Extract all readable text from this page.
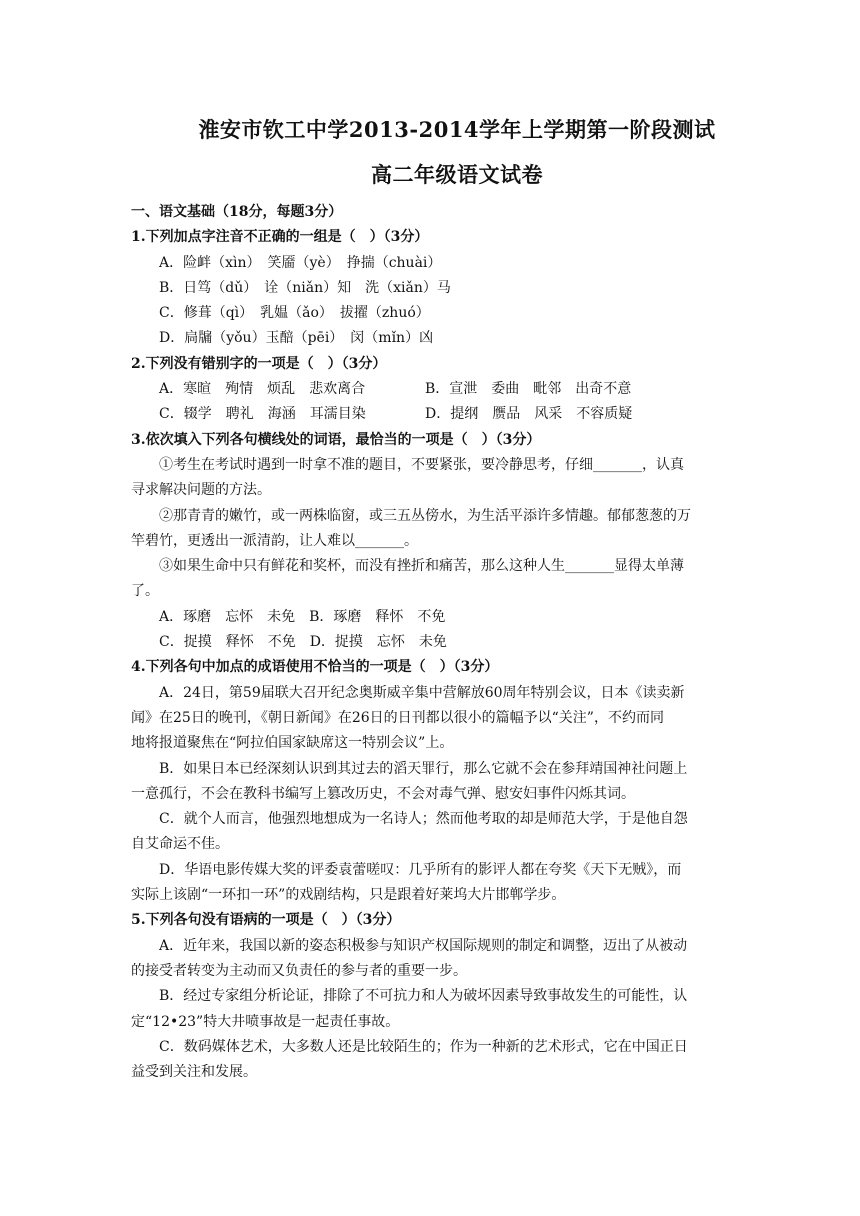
淮安市钦工中学2013-2014学年上学期第一阶段测试
高二年级语文试卷
一、语文基础（18分，每题3分）
1.下列加点字注音不正确的一组是（　）（3分）
A．险衅（xìn）　笑靥（yè）　挣揣（chuài）
B．日笃（dǔ）　诠（niǎn）知　洗（xiǎn）马
C．修葺（qì）　乳媪（ǎo）　拔擢（zhuó）
D．扃牖（yǒu）玉醅（pēi）　闵（mǐn）凶
2.下列没有错别字的一项是（　）（3分）
A．寒暄　殉情　烦乱　悲欢离合	B．宣泄　委曲　毗邻　出奇不意
C．辍学　聘礼　海涵　耳濡目染	D．提纲　赝品　风采　不容质疑
3.依次填入下列各句横线处的词语，最恰当的一项是（　）（3分）
①考生在考试时遇到一时拿不准的题目，不要紧张，要冷静思考，仔细_______，认真
寻求解决问题的方法。
②那青青的嫩竹，或一两株临窗，或三五丛傍水，为生活平添许多情趣。郁郁葱葱的万
竿碧竹，更透出一派清韵，让人难以_______。
③如果生命中只有鲜花和奖杯，而没有挫折和痛苦，那么这种人生_______显得太单薄
了。
A．琢磨　忘怀　未免　B．琢磨　释怀　不免
C．捉摸　释怀　不免　D．捉摸　忘怀　未免
4.下列各句中加点的成语使用不恰当的一项是（　）（3分）
A．24日，第59届联大召开纪念奥斯威辛集中营解放60周年特别会议，日本《读卖新
闻》在25日的晚刊，《朝日新闻》在26日的日刊都以很小的篇幅予以“关注”，不约而同
地将报道聚焦在“阿拉伯国家缺席这一特别会议”上。
B．如果日本已经深刻认识到其过去的滔天罪行，那么它就不会在参拜靖国神社问题上
一意孤行，不会在教科书编写上篡改历史，不会对毒气弹、慰安妇事件闪烁其词。
C．就个人而言，他强烈地想成为一名诗人；然而他考取的却是师范大学，于是他自怨
自艾命运不佳。
D．华语电影传媒大奖的评委袁蕾嗟叹：几乎所有的影评人都在夸奖《天下无贼》，而
实际上该剧“一环扣一环”的戏剧结构，只是跟着好莱坞大片邯郸学步。
5.下列各句没有语病的一项是（　）（3分）
A．近年来，我国以新的姿态积极参与知识产权国际规则的制定和调整，迈出了从被动
的接受者转变为主动而又负责任的参与者的重要一步。
B．经过专家组分析论证，排除了不可抗力和人为破坏因素导致事故发生的可能性，认
定“12•23”特大井喷事故是一起责任事故。
C．数码媒体艺术，大多数人还是比较陌生的；作为一种新的艺术形式，它在中国正日
益受到关注和发展。
